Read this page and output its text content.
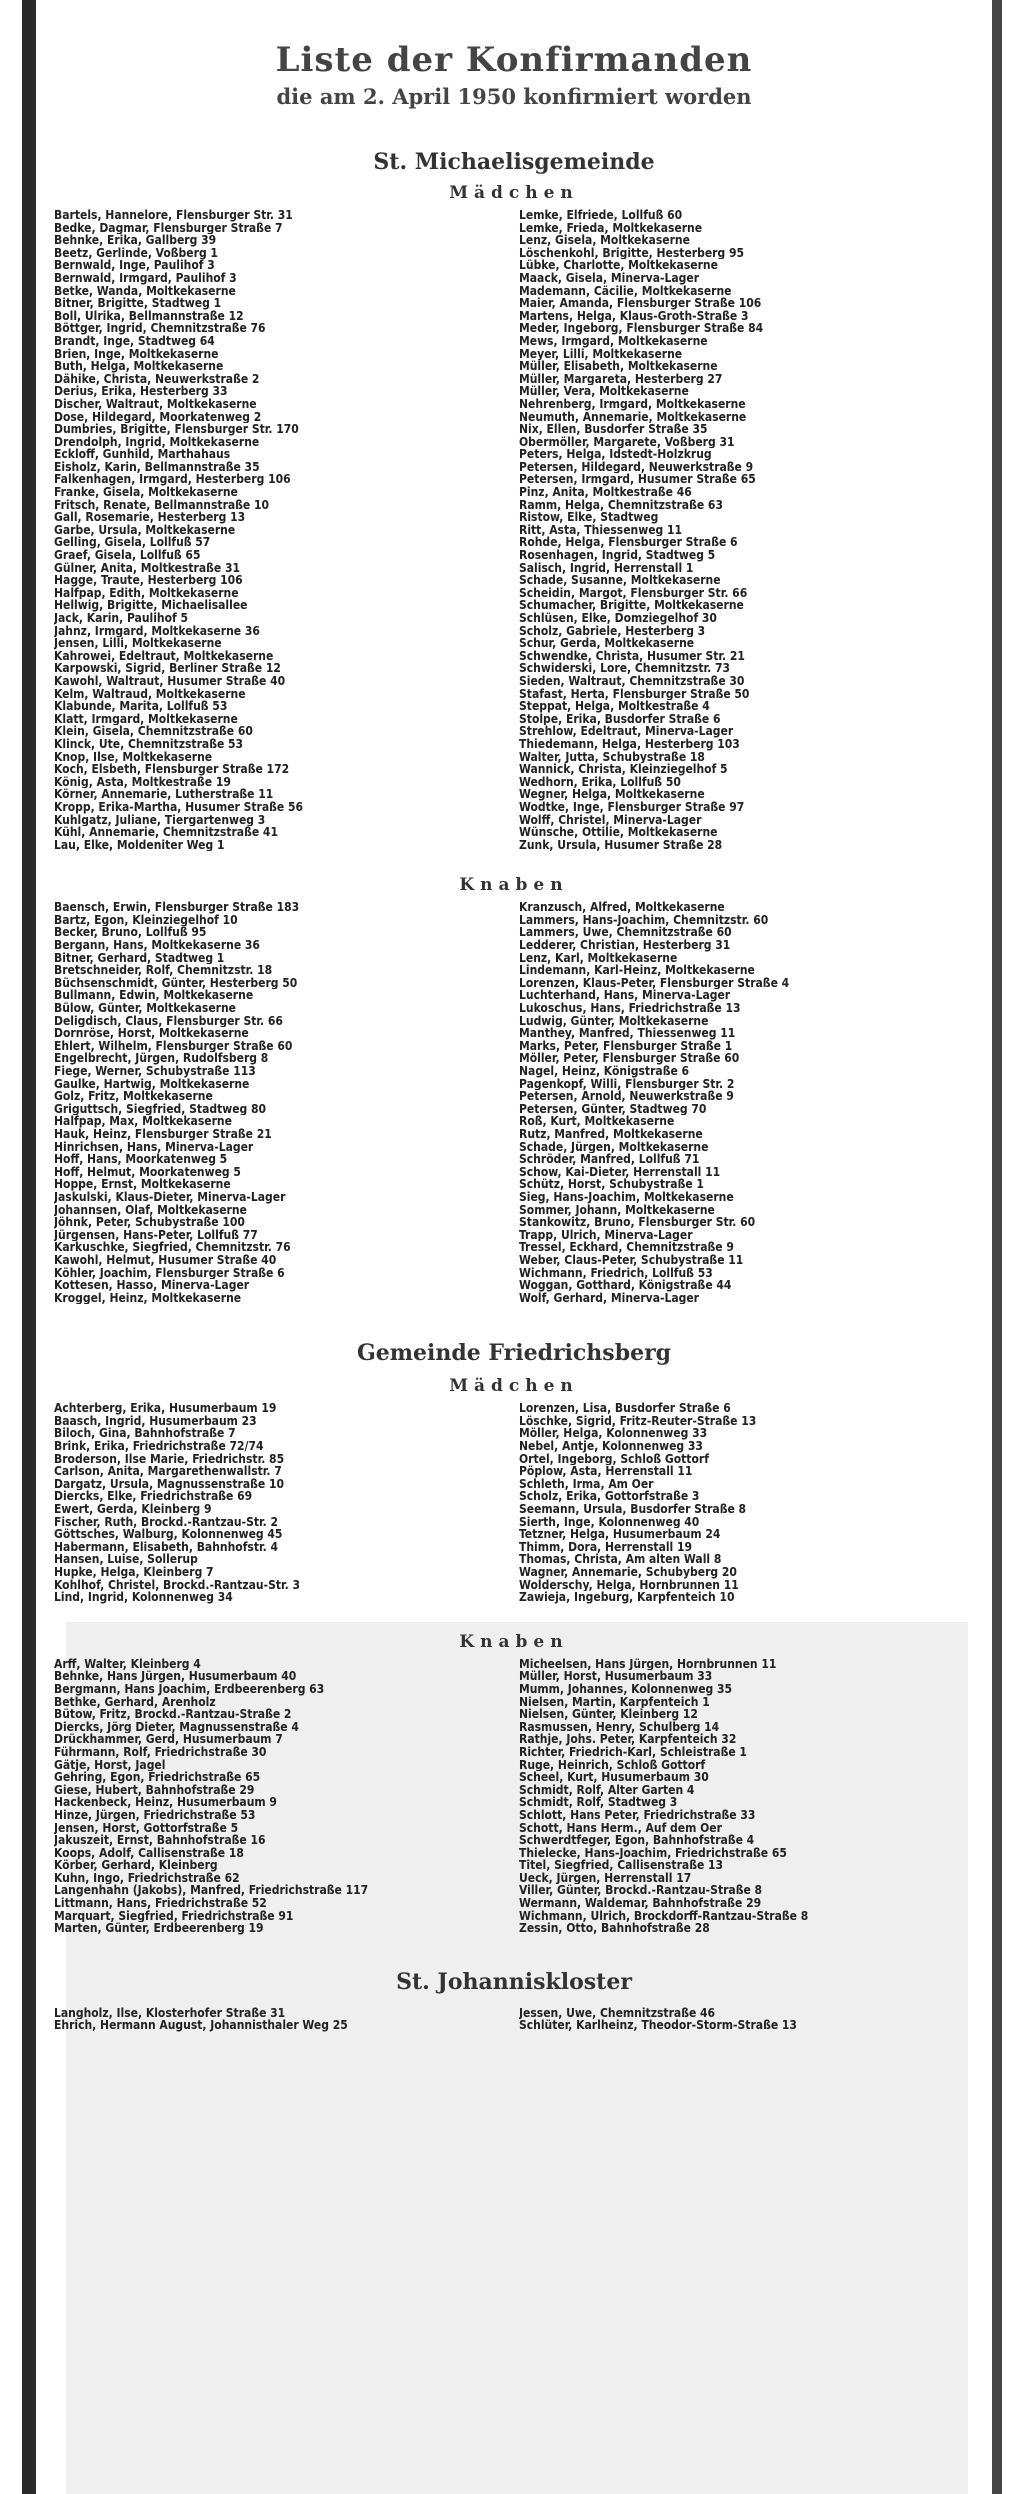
Liste der Konfirmanden
die am 2. April 1950 konfirmiert worden
St. Michaelisgemeinde
Mädchen
Bartels, Hannelore, Flensburger Str. 31
Bedke, Dagmar, Flensburger Straße 7
Behnke, Erika, Gallberg 39
Beetz, Gerlinde, Voßberg 1
Bernwald, Inge, Paulihof 3
Bernwald, Irmgard, Paulihof 3
Betke, Wanda, Moltkekaserne
Bitner, Brigitte, Stadtweg 1
Boll, Ulrika, Bellmannstraße 12
Böttger, Ingrid, Chemnitzstraße 76
Brandt, Inge, Stadtweg 64
Brien, Inge, Moltkekaserne
Buth, Helga, Moltkekaserne
Dähike, Christa, Neuwerkstraße 2
Derius, Erika, Hesterberg 33
Discher, Waltraut, Moltkekaserne
Dose, Hildegard, Moorkatenweg 2
Dumbries, Brigitte, Flensburger Str. 170
Drendolph, Ingrid, Moltkekaserne
Eckloff, Gunhild, Marthahaus
Eisholz, Karin, Bellmannstraße 35
Falkenhagen, Irmgard, Hesterberg 106
Franke, Gisela, Moltkekaserne
Fritsch, Renate, Bellmannstraße 10
Gall, Rosemarie, Hesterberg 13
Garbe, Ursula, Moltkekaserne
Gelling, Gisela, Lollfuß 57
Graef, Gisela, Lollfuß 65
Gülner, Anita, Moltkestraße 31
Hagge, Traute, Hesterberg 106
Halfpap, Edith, Moltkekaserne
Hellwig, Brigitte, Michaelisallee
Jack, Karin, Paulihof 5
Jahnz, Irmgard, Moltkekaserne 36
Jensen, Lilli, Moltkekaserne
Kahrowei, Edeltraut, Moltkekaserne
Karpowski, Sigrid, Berliner Straße 12
Kawohl, Waltraut, Husumer Straße 40
Kelm, Waltraud, Moltkekaserne
Klabunde, Marita, Lollfuß 53
Klatt, Irmgard, Moltkekaserne
Klein, Gisela, Chemnitzstraße 60
Klinck, Ute, Chemnitzstraße 53
Knop, Ilse, Moltkekaserne
Koch, Elsbeth, Flensburger Straße 172
König, Asta, Moltkestraße 19
Körner, Annemarie, Lutherstraße 11
Kropp, Erika-Martha, Husumer Straße 56
Kuhlgatz, Juliane, Tiergartenweg 3
Kühl, Annemarie, Chemnitzstraße 41
Lau, Elke, Moldeniter Weg 1
Lemke, Elfriede, Lollfuß 60
Lemke, Frieda, Moltkekaserne
Lenz, Gisela, Moltkekaserne
Löschenkohl, Brigitte, Hesterberg 95
Lübke, Charlotte, Moltkekaserne
Maack, Gisela, Minerva-Lager
Mademann, Cäcilie, Moltkekaserne
Maier, Amanda, Flensburger Straße 106
Martens, Helga, Klaus-Groth-Straße 3
Meder, Ingeborg, Flensburger Straße 84
Mews, Irmgard, Moltkekaserne
Meyer, Lilli, Moltkekaserne
Müller, Elisabeth, Moltkekaserne
Müller, Margareta, Hesterberg 27
Müller, Vera, Moltkekaserne
Nehrenberg, Irmgard, Moltkekaserne
Neumuth, Annemarie, Moltkekaserne
Nix, Ellen, Busdorfer Straße 35
Obermöller, Margarete, Voßberg 31
Peters, Helga, Idstedt-Holzkrug
Petersen, Hildegard, Neuwerkstraße 9
Petersen, Irmgard, Husumer Straße 65
Pinz, Anita, Moltkestraße 46
Ramm, Helga, Chemnitzstraße 63
Ristow, Elke, Stadtweg
Ritt, Asta, Thiessenweg 11
Rohde, Helga, Flensburger Straße 6
Rosenhagen, Ingrid, Stadtweg 5
Salisch, Ingrid, Herrenstall 1
Schade, Susanne, Moltkekaserne
Scheidin, Margot, Flensburger Str. 66
Schumacher, Brigitte, Moltkekaserne
Schlüsen, Elke, Domziegelhof 30
Scholz, Gabriele, Hesterberg 3
Schur, Gerda, Moltkekaserne
Schwendke, Christa, Husumer Str. 21
Schwiderski, Lore, Chemnitzstr. 73
Sieden, Waltraut, Chemnitzstraße 30
Stafast, Herta, Flensburger Straße 50
Steppat, Helga, Moltkestraße 4
Stolpe, Erika, Busdorfer Straße 6
Strehlow, Edeltraut, Minerva-Lager
Thiedemann, Helga, Hesterberg 103
Walter, Jutta, Schubystraße 18
Wannick, Christa, Kleinziegelhof 5
Wedhorn, Erika, Lollfuß 50
Wegner, Helga, Moltkekaserne
Wodtke, Inge, Flensburger Straße 97
Wolff, Christel, Minerva-Lager
Wünsche, Ottilie, Moltkekaserne
Zunk, Ursula, Husumer Straße 28
Knaben
Baensch, Erwin, Flensburger Straße 183
Bartz, Egon, Kleinziegelhof 10
Becker, Bruno, Lollfuß 95
Bergann, Hans, Moltkekaserne 36
Bitner, Gerhard, Stadtweg 1
Bretschneider, Rolf, Chemnitzstr. 18
Büchsenschmidt, Günter, Hesterberg 50
Bullmann, Edwin, Moltkekaserne
Bülow, Günter, Moltkekaserne
Deligdisch, Claus, Flensburger Str. 66
Dornröse, Horst, Moltkekaserne
Ehlert, Wilhelm, Flensburger Straße 60
Engelbrecht, Jürgen, Rudolfsberg 8
Fiege, Werner, Schubystraße 113
Gaulke, Hartwig, Moltkekaserne
Golz, Fritz, Moltkekaserne
Griguttsch, Siegfried, Stadtweg 80
Halfpap, Max, Moltkekaserne
Hauk, Heinz, Flensburger Straße 21
Hinrichsen, Hans, Minerva-Lager
Hoff, Hans, Moorkatenweg 5
Hoff, Helmut, Moorkatenweg 5
Hoppe, Ernst, Moltkekaserne
Jaskulski, Klaus-Dieter, Minerva-Lager
Johannsen, Olaf, Moltkekaserne
Jöhnk, Peter, Schubystraße 100
Jürgensen, Hans-Peter, Lollfuß 77
Karkuschke, Siegfried, Chemnitzstr. 76
Kawohl, Helmut, Husumer Straße 40
Köhler, Joachim, Flensburger Straße 6
Kottesen, Hasso, Minerva-Lager
Kroggel, Heinz, Moltkekaserne
Kranzusch, Alfred, Moltkekaserne
Lammers, Hans-Joachim, Chemnitzstr. 60
Lammers, Uwe, Chemnitzstraße 60
Ledderer, Christian, Hesterberg 31
Lenz, Karl, Moltkekaserne
Lindemann, Karl-Heinz, Moltkekaserne
Lorenzen, Klaus-Peter, Flensburger Straße 4
Luchterhand, Hans, Minerva-Lager
Lukoschus, Hans, Friedrichstraße 13
Ludwig, Günter, Moltkekaserne
Manthey, Manfred, Thiessenweg 11
Marks, Peter, Flensburger Straße 1
Möller, Peter, Flensburger Straße 60
Nagel, Heinz, Königstraße 6
Pagenkopf, Willi, Flensburger Str. 2
Petersen, Arnold, Neuwerkstraße 9
Petersen, Günter, Stadtweg 70
Roß, Kurt, Moltkekaserne
Rutz, Manfred, Moltkekaserne
Schade, Jürgen, Moltkekaserne
Schröder, Manfred, Lollfuß 71
Schow, Kai-Dieter, Herrenstall 11
Schütz, Horst, Schubystraße 1
Sieg, Hans-Joachim, Moltkekaserne
Sommer, Johann, Moltkekaserne
Stankowitz, Bruno, Flensburger Str. 60
Trapp, Ulrich, Minerva-Lager
Tressel, Eckhard, Chemnitzstraße 9
Weber, Claus-Peter, Schubystraße 11
Wichmann, Friedrich, Lollfuß 53
Woggan, Gotthard, Königstraße 44
Wolf, Gerhard, Minerva-Lager
Gemeinde Friedrichsberg
Mädchen
Achterberg, Erika, Husumerbaum 19
Baasch, Ingrid, Husumerbaum 23
Biloch, Gina, Bahnhofstraße 7
Brink, Erika, Friedrichstraße 72/74
Broderson, Ilse Marie, Friedrichstr. 85
Carlson, Anita, Margarethenwallstr. 7
Dargatz, Ursula, Magnussenstraße 10
Diercks, Elke, Friedrichstraße 69
Ewert, Gerda, Kleinberg 9
Fischer, Ruth, Brockd.-Rantzau-Str. 2
Göttsches, Walburg, Kolonnenweg 45
Habermann, Elisabeth, Bahnhofstr. 4
Hansen, Luise, Sollerup
Hupke, Helga, Kleinberg 7
Kohlhof, Christel, Brockd.-Rantzau-Str. 3
Lind, Ingrid, Kolonnenweg 34
Lorenzen, Lisa, Busdorfer Straße 6
Löschke, Sigrid, Fritz-Reuter-Straße 13
Möller, Helga, Kolonnenweg 33
Nebel, Antje, Kolonnenweg 33
Ortel, Ingeborg, Schloß Gottorf
Pöplow, Asta, Herrenstall 11
Schleth, Irma, Am Oer
Scholz, Erika, Gottorfstraße 3
Seemann, Ursula, Busdorfer Straße 8
Sierth, Inge, Kolonnenweg 40
Tetzner, Helga, Husumerbaum 24
Thimm, Dora, Herrenstall 19
Thomas, Christa, Am alten Wall 8
Wagner, Annemarie, Schubyberg 20
Wolderschy, Helga, Hornbrunnen 11
Zawieja, Ingeburg, Karpfenteich 10
Knaben
Arff, Walter, Kleinberg 4
Behnke, Hans Jürgen, Husumerbaum 40
Bergmann, Hans Joachim, Erdbeerenberg 63
Bethke, Gerhard, Arenholz
Bütow, Fritz, Brockd.-Rantzau-Straße 2
Diercks, Jörg Dieter, Magnussenstraße 4
Drückhammer, Gerd, Husumerbaum 7
Führmann, Rolf, Friedrichstraße 30
Gätje, Horst, Jagel
Gehring, Egon, Friedrichstraße 65
Giese, Hubert, Bahnhofstraße 29
Hackenbeck, Heinz, Husumerbaum 9
Hinze, Jürgen, Friedrichstraße 53
Jensen, Horst, Gottorfstraße 5
Jakuszeit, Ernst, Bahnhofstraße 16
Koops, Adolf, Callisenstraße 18
Körber, Gerhard, Kleinberg
Kuhn, Ingo, Friedrichstraße 62
Langenhahn (Jakobs), Manfred, Friedrichstraße 117
Littmann, Hans, Friedrichstraße 52
Marquart, Siegfried, Friedrichstraße 91
Marten, Günter, Erdbeerenberg 19
Micheelsen, Hans Jürgen, Hornbrunnen 11
Müller, Horst, Husumerbaum 33
Mumm, Johannes, Kolonnenweg 35
Nielsen, Martin, Karpfenteich 1
Nielsen, Günter, Kleinberg 12
Rasmussen, Henry, Schulberg 14
Rathje, Johs. Peter, Karpfenteich 32
Richter, Friedrich-Karl, Schleistraße 1
Ruge, Heinrich, Schloß Gottorf
Scheel, Kurt, Husumerbaum 30
Schmidt, Rolf, Alter Garten 4
Schmidt, Rolf, Stadtweg 3
Schlott, Hans Peter, Friedrichstraße 33
Schott, Hans Herm., Auf dem Oer
Schwerdtfeger, Egon, Bahnhofstraße 4
Thielecke, Hans-Joachim, Friedrichstraße 65
Titel, Siegfried, Callisenstraße 13
Ueck, Jürgen, Herrenstall 17
Viller, Günter, Brockd.-Rantzau-Straße 8
Wermann, Waldemar, Bahnhofstraße 29
Wichmann, Ulrich, Brockdorff-Rantzau-Straße 8
Zessin, Otto, Bahnhofstraße 28
St. Johanniskloster
Langholz, Ilse, Klosterhofer Straße 31
Ehrich, Hermann August, Johannisthaler Weg 25
Jessen, Uwe, Chemnitzstraße 46
Schlüter, Karlheinz, Theodor-Storm-Straße 13
